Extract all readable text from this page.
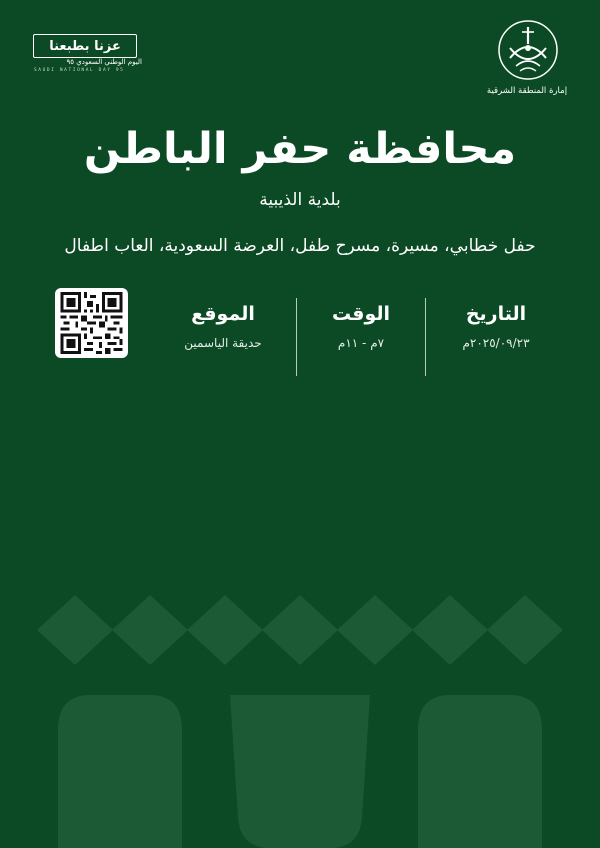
إمارة المنطقة الشرقية
عزنا بطبعنا
اليوم الوطني السعودي ٩٥
SAUDI NATIONAL DAY 95
محافظة حفر الباطن
بلدية الذيبية
حفل خطابي، مسيرة، مسرح طفل، العرضة السعودية، العاب اطفال
التاريخ
٢٠٢٥/٠٩/٢٣م
الوقت
٧م - ١١م
الموقع
حديقة الياسمين
